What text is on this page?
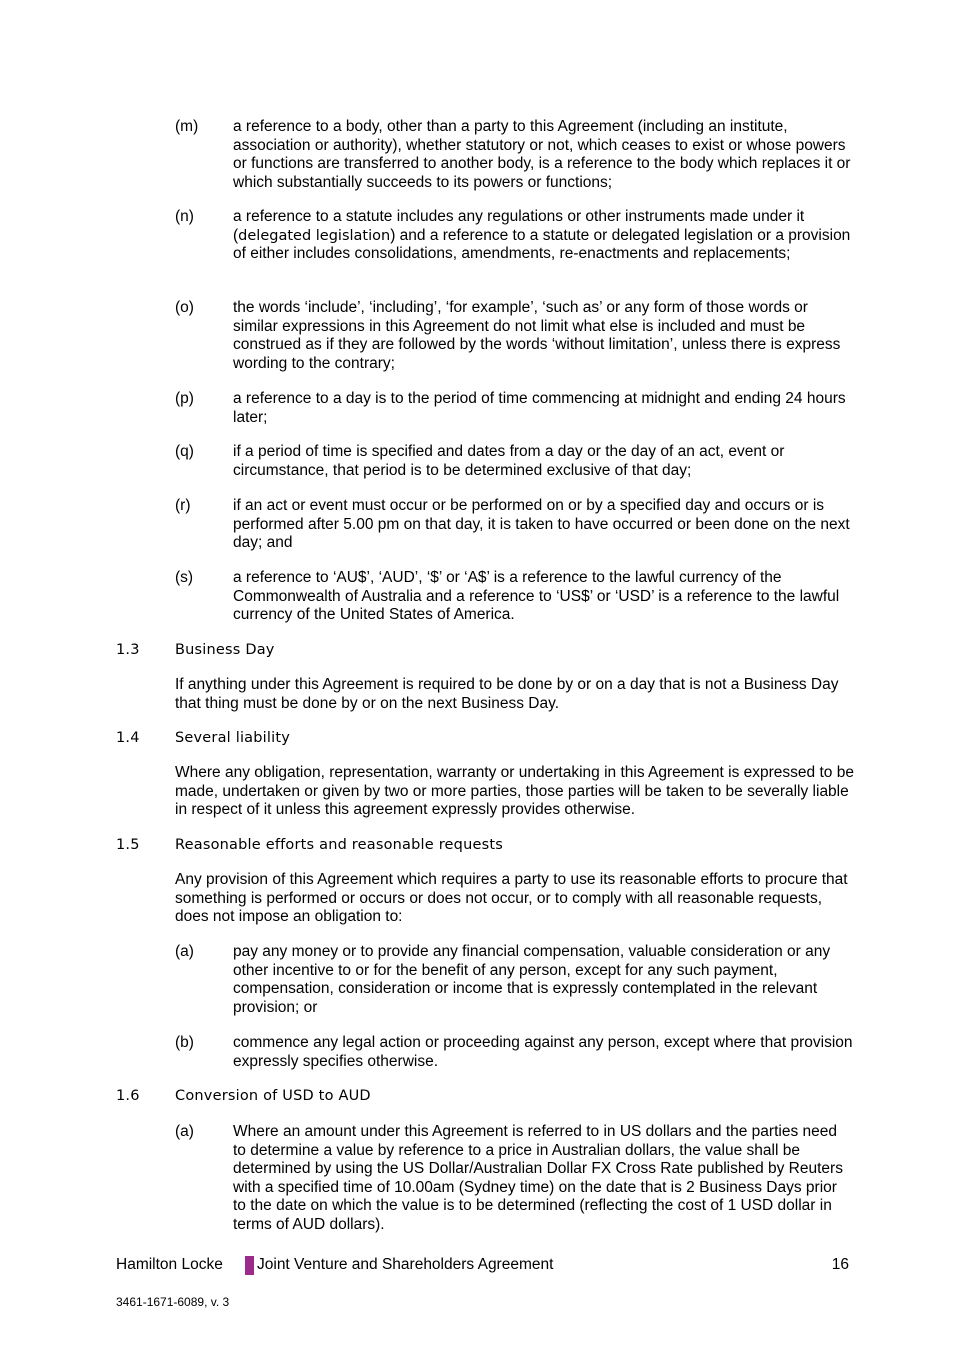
(m) a reference to a body, other than a party to this Agreement (including an institute, association or authority), whether statutory or not, which ceases to exist or whose powers or functions are transferred to another body, is a reference to the body which replaces it or which substantially succeeds to its powers or functions;
(n)	a reference to a statute includes any regulations or other instruments made under it (delegated legislation) and a reference to a statute or delegated legislation or a provision of either includes consolidations, amendments, re-enactments and replacements;
(o)	the words ‘include’, ‘including’, ‘for example’, ‘such as’ or any form of those words or similar expressions in this Agreement do not limit what else is included and must be construed as if they are followed by the words ‘without limitation’, unless there is express wording to the contrary;
(p)	a reference to a day is to the period of time commencing at midnight and ending 24 hours later;
(q)	if a period of time is specified and dates from a day or the day of an act, event or circumstance, that period is to be determined exclusive of that day;
(r)	if an act or event must occur or be performed on or by a specified day and occurs or is performed after 5.00 pm on that day, it is taken to have occurred or been done on the next day; and
(s)	a reference to ‘AU$’, ‘AUD’, ‘$’ or ‘A$’ is a reference to the lawful currency of the Commonwealth of Australia and a reference to ‘US$’ or ‘USD’ is a reference to the lawful currency of the United States of America.
1.3 Business Day
If anything under this Agreement is required to be done by or on a day that is not a Business Day that thing must be done by or on the next Business Day.
1.4 Several liability
Where any obligation, representation, warranty or undertaking in this Agreement is expressed to be made, undertaken or given by two or more parties, those parties will be taken to be severally liable in respect of it unless this agreement expressly provides otherwise.
1.5 Reasonable efforts and reasonable requests
Any provision of this Agreement which requires a party to use its reasonable efforts to procure that something is performed or occurs or does not occur, or to comply with all reasonable requests, does not impose an obligation to:
(a)	pay any money or to provide any financial compensation, valuable consideration or any other incentive to or for the benefit of any person, except for any such payment, compensation, consideration or income that is expressly contemplated in the relevant provision; or
(b)	commence any legal action or proceeding against any person, except where that provision expressly specifies otherwise.
1.6 Conversion of USD to AUD
(a)	Where an amount under this Agreement is referred to in US dollars and the parties need to determine a value by reference to a price in Australian dollars, the value shall be determined by using the US Dollar/Australian Dollar FX Cross Rate published by Reuters with a specified time of 10.00am (Sydney time) on the date that is 2 Business Days prior to the date on which the value is to be determined (reflecting the cost of 1 USD dollar in terms of AUD dollars).
Hamilton Locke Joint Venture and Shareholders Agreement	16
3461-1671-6089, v. 3
